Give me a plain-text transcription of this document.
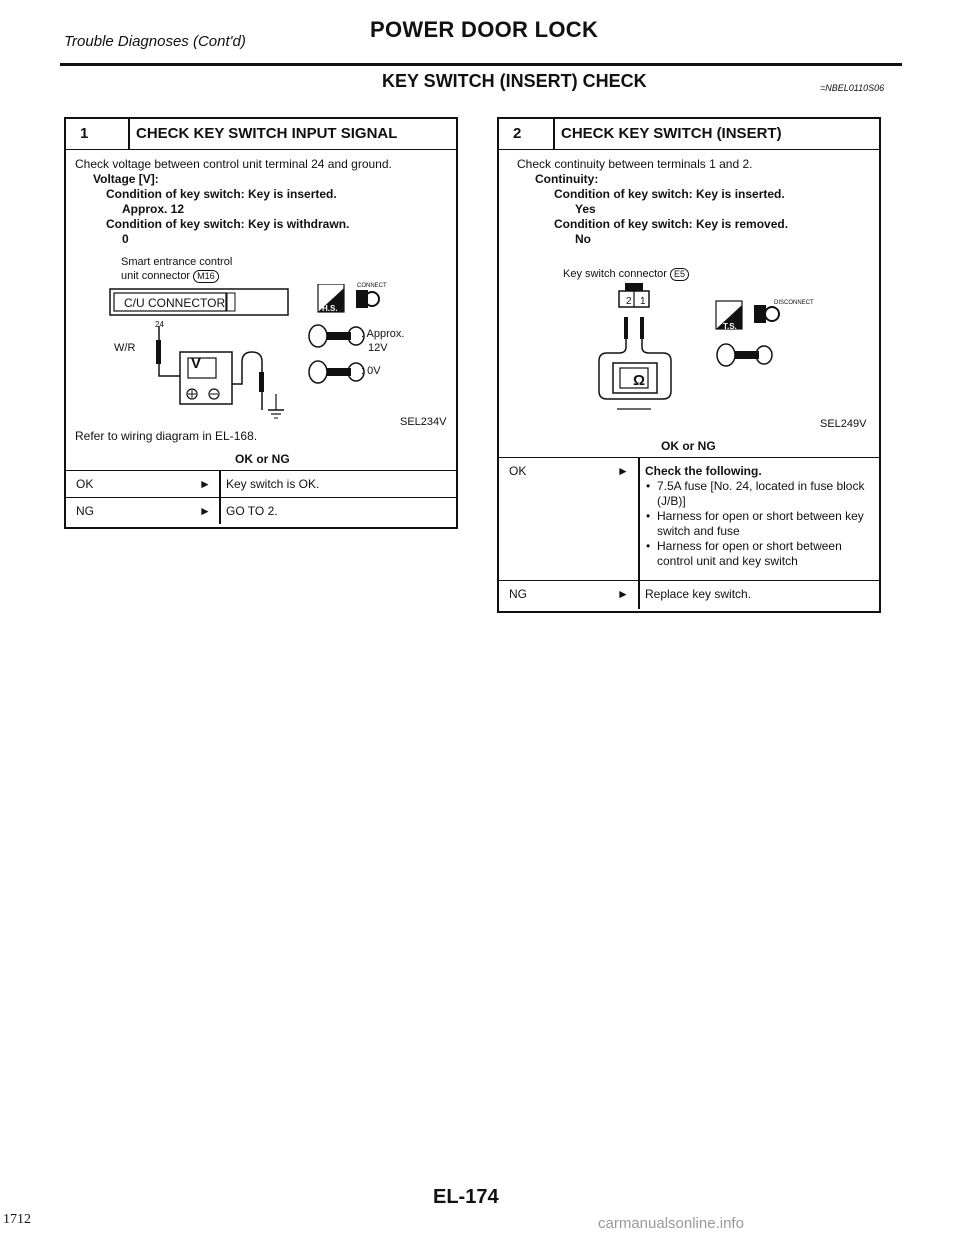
Trouble Diagnoses (Cont'd)	POWER DOOR LOCK
KEY SWITCH (INSERT) CHECK	=NBEL0110S06
1	CHECK KEY SWITCH INPUT SIGNAL
Check voltage between control unit terminal 24 and ground.
Voltage [V]:
Condition of key switch: Key is inserted.
Approx. 12
Condition of key switch: Key is withdrawn.
0
Smart entrance control
unit connector M16
C/U CONNECTOR
24
W/R
V
CONNECT
H.S.
: Approx.
12V
: 0V
SEL234V
Refer to wiring diagram in EL-168.
OK or NG
OK	► Key switch is OK.
NG	► GO TO 2.
2	CHECK KEY SWITCH (INSERT)
Check continuity between terminals 1 and 2.
Continuity:
Condition of key switch: Key is inserted.
Yes
Condition of key switch: Key is removed.
No
Key switch connector E5
2 1
Ω
DISCONNECT
T.S.
SEL249V
OK or NG
OK	► Check the following.
• 7.5A fuse [No. 24, located in fuse block (J/B)]
• Harness for open or short between key switch and fuse
• Harness for open or short between control unit and key switch
NG	► Replace key switch.
EL-174
1712	carmanualsonline.info
